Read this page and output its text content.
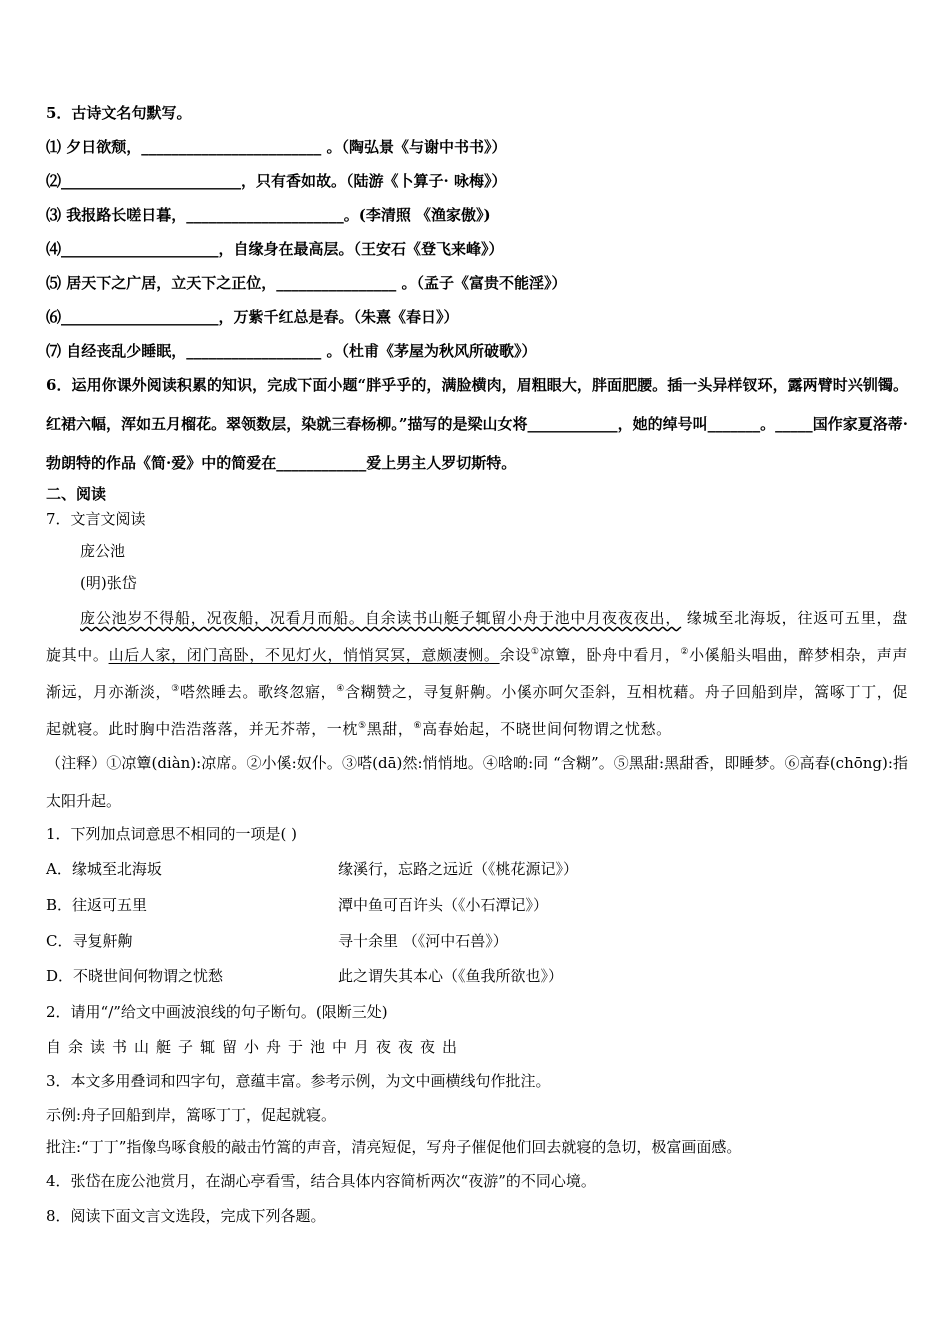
5．古诗文名句默写。
⑴ 夕日欲颓，________________________ 。（陶弘景《与谢中书书》）
⑵________________________，只有香如故。（陆游《卜算子· 咏梅》）
⑶ 我报路长嗟日暮，_____________________。(李清照 《渔家傲》)
⑷_____________________，自缘身在最高层。（王安石《登飞来峰》）
⑸ 居天下之广居，立天下之正位，________________ 。（孟子《富贵不能淫》）
⑹_____________________，万紫千红总是春。（朱熹《春日》）
⑺ 自经丧乱少睡眠，__________________ 。（杜甫《茅屋为秋风所破歌》）

6．运用你课外阅读积累的知识，完成下面小题“胖乎乎的，满脸横肉，眉粗眼大，胖面肥腰。插一头异样钗环，露两臂时兴钏镯。红裙六幅，浑如五月榴花。翠领数层，染就三春杨柳。”描写的是梁山女将____________，她的绰号叫_______。_____国作家夏洛蒂·勃朗特的作品《简·爱》中的简爱在____________爱上男主人罗切斯特。

二、阅读
7．文言文阅读
庞公池
(明)张岱

庞公池岁不得船，况夜船，况看月而船。自余读书山艇子辄留小舟于池中月夜夜夜出， 缘城至北海坂，往返可五里，盘旋其中。山后人家，闭门高卧，不见灯火，悄悄冥冥，意颇凄恻。余设①凉簟，卧舟中看月，②小傒船头唱曲，醉梦相杂，声声渐远，月亦渐淡，③嗒然睡去。歌终忽寤，④含糊赞之，寻复鼾齁。小傒亦呵欠歪斜，互相枕藉。舟子回船到岸，篙啄丁丁，促起就寝。此时胸中浩浩落落，并无芥蒂，一枕⑤黑甜，⑥高春始起，不晓世间何物谓之忧愁。

（注释）①凉簟(diàn):凉席。②小傒:奴仆。③嗒(dā)然:悄悄地。④唅啲:同 “含糊”。⑤黑甜:黑甜香，即睡梦。⑥高春(chōng):指太阳升起。

1．下列加点词意思不相同的一项是( )
A．缘城至北海坂	缘溪行，忘路之远近（《桃花源记》）
B．往返可五里	潭中鱼可百许头（《小石潭记》）
C．寻复鼾齁	寻十余里 （《河中石兽》）
D．不晓世间何物谓之忧愁	此之谓失其本心（《鱼我所欲也》）
2．请用“/”给文中画波浪线的句子断句。(限断三处)
自余读书山艇子辄留小舟于池中月夜夜夜出
3．本文多用叠词和四字句，意蕴丰富。参考示例，为文中画横线句作批注。
示例:舟子回船到岸，篙啄丁丁，促起就寝。
批注:“丁丁”指像鸟啄食般的敲击竹篙的声音，清亮短促，写舟子催促他们回去就寝的急切，极富画面感。
4．张岱在庞公池赏月，在湖心亭看雪，结合具体内容简析两次“夜游”的不同心境。
8．阅读下面文言文选段，完成下列各题。
